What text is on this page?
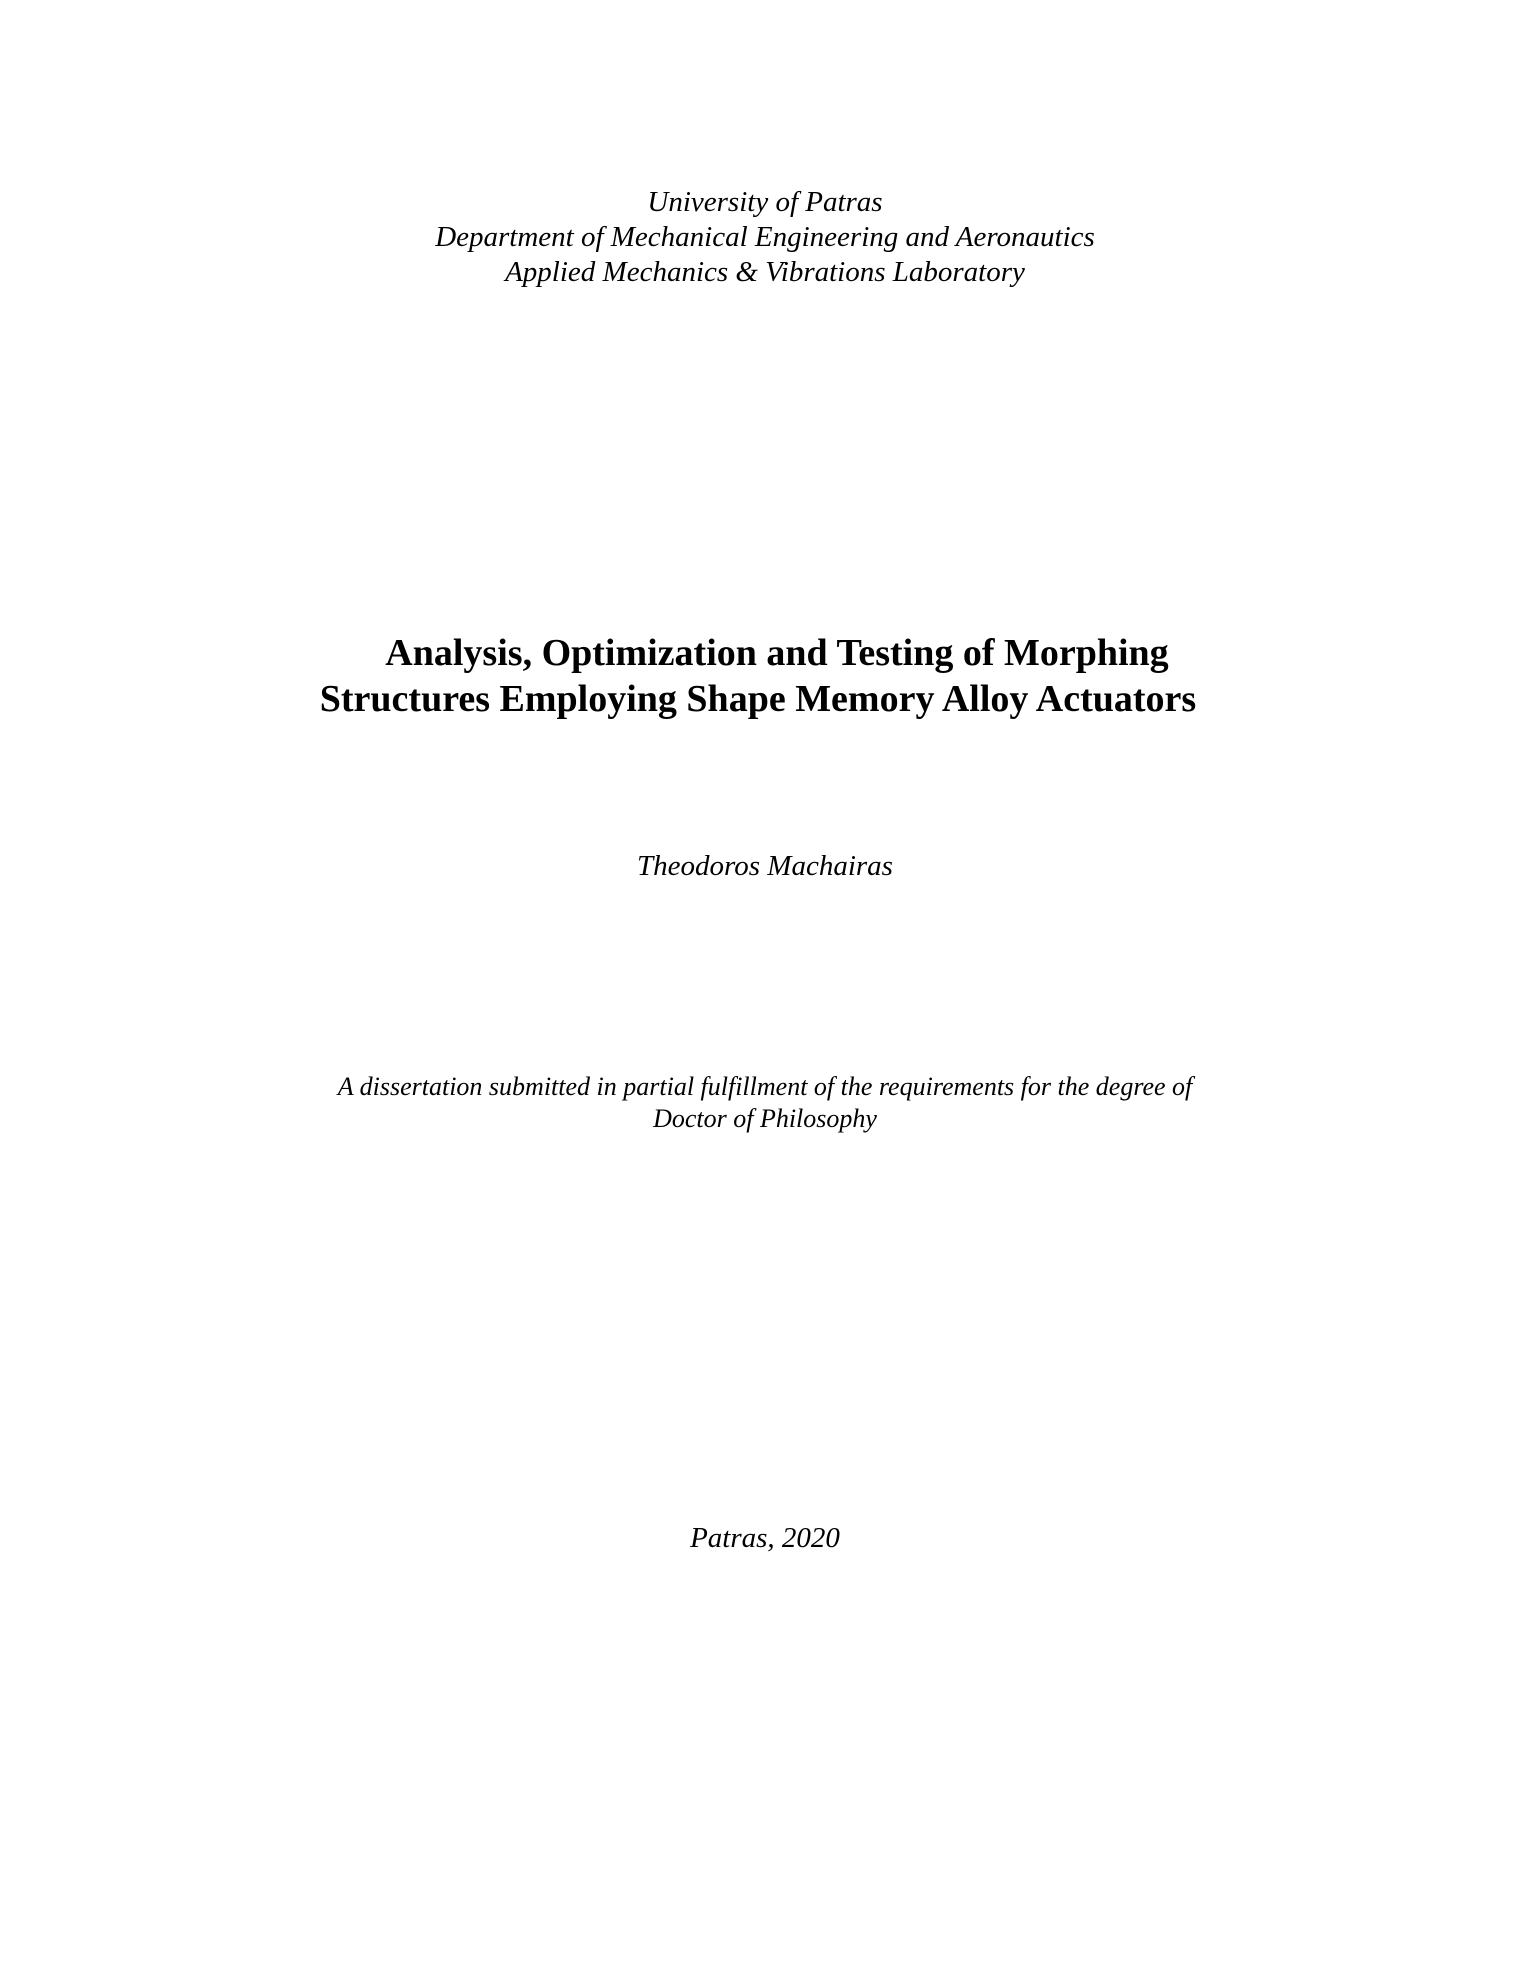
University of Patras
Department of Mechanical Engineering and Aeronautics
Applied Mechanics & Vibrations Laboratory
Analysis, Optimization and Testing of Morphing
Structures Employing Shape Memory Alloy Actuators
Theodoros Machairas
A dissertation submitted in partial fulfillment of the requirements for the degree of
Doctor of Philosophy
Patras, 2020
